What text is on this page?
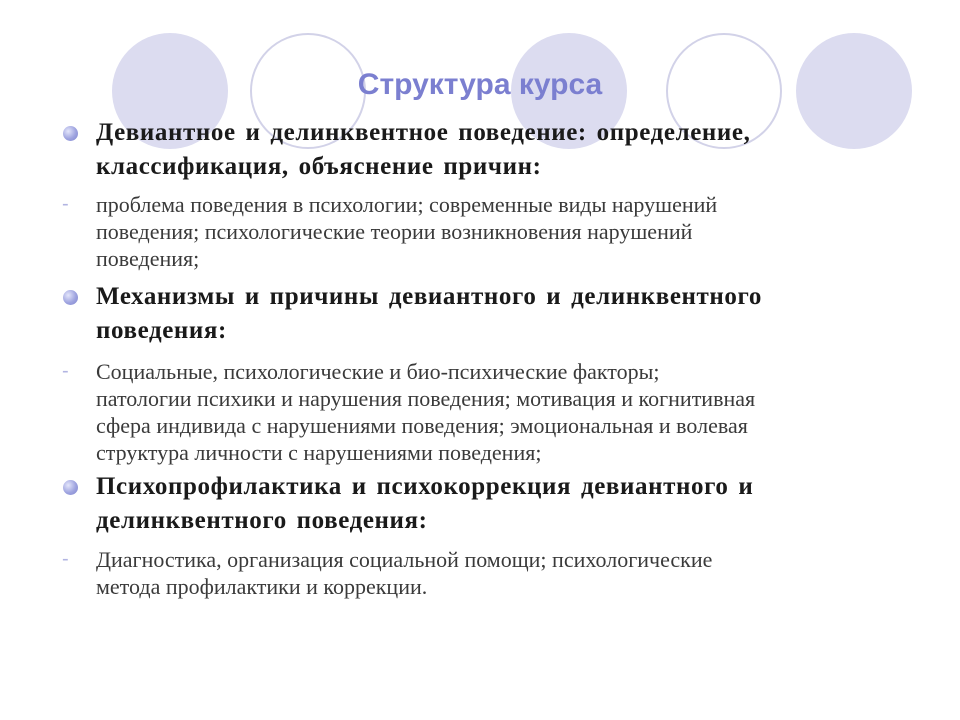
Структура курса
Девиантное и делинквентное поведение: определение,
классификация, объяснение причин:
- проблема поведения в психологии; современные виды нарушений
поведения; психологические теории возникновения нарушений
поведения;
Механизмы и причины девиантного и делинквентного
поведения:
- Социальные, психологические и био-психические факторы;
патологии психики и нарушения поведения; мотивация и когнитивная
сфера индивида с нарушениями поведения; эмоциональная и волевая
структура личности с нарушениями поведения;
Психопрофилактика и психокоррекция девиантного и
делинквентного поведения:
- Диагностика, организация социальной помощи; психологические
метода профилактики и коррекции.
